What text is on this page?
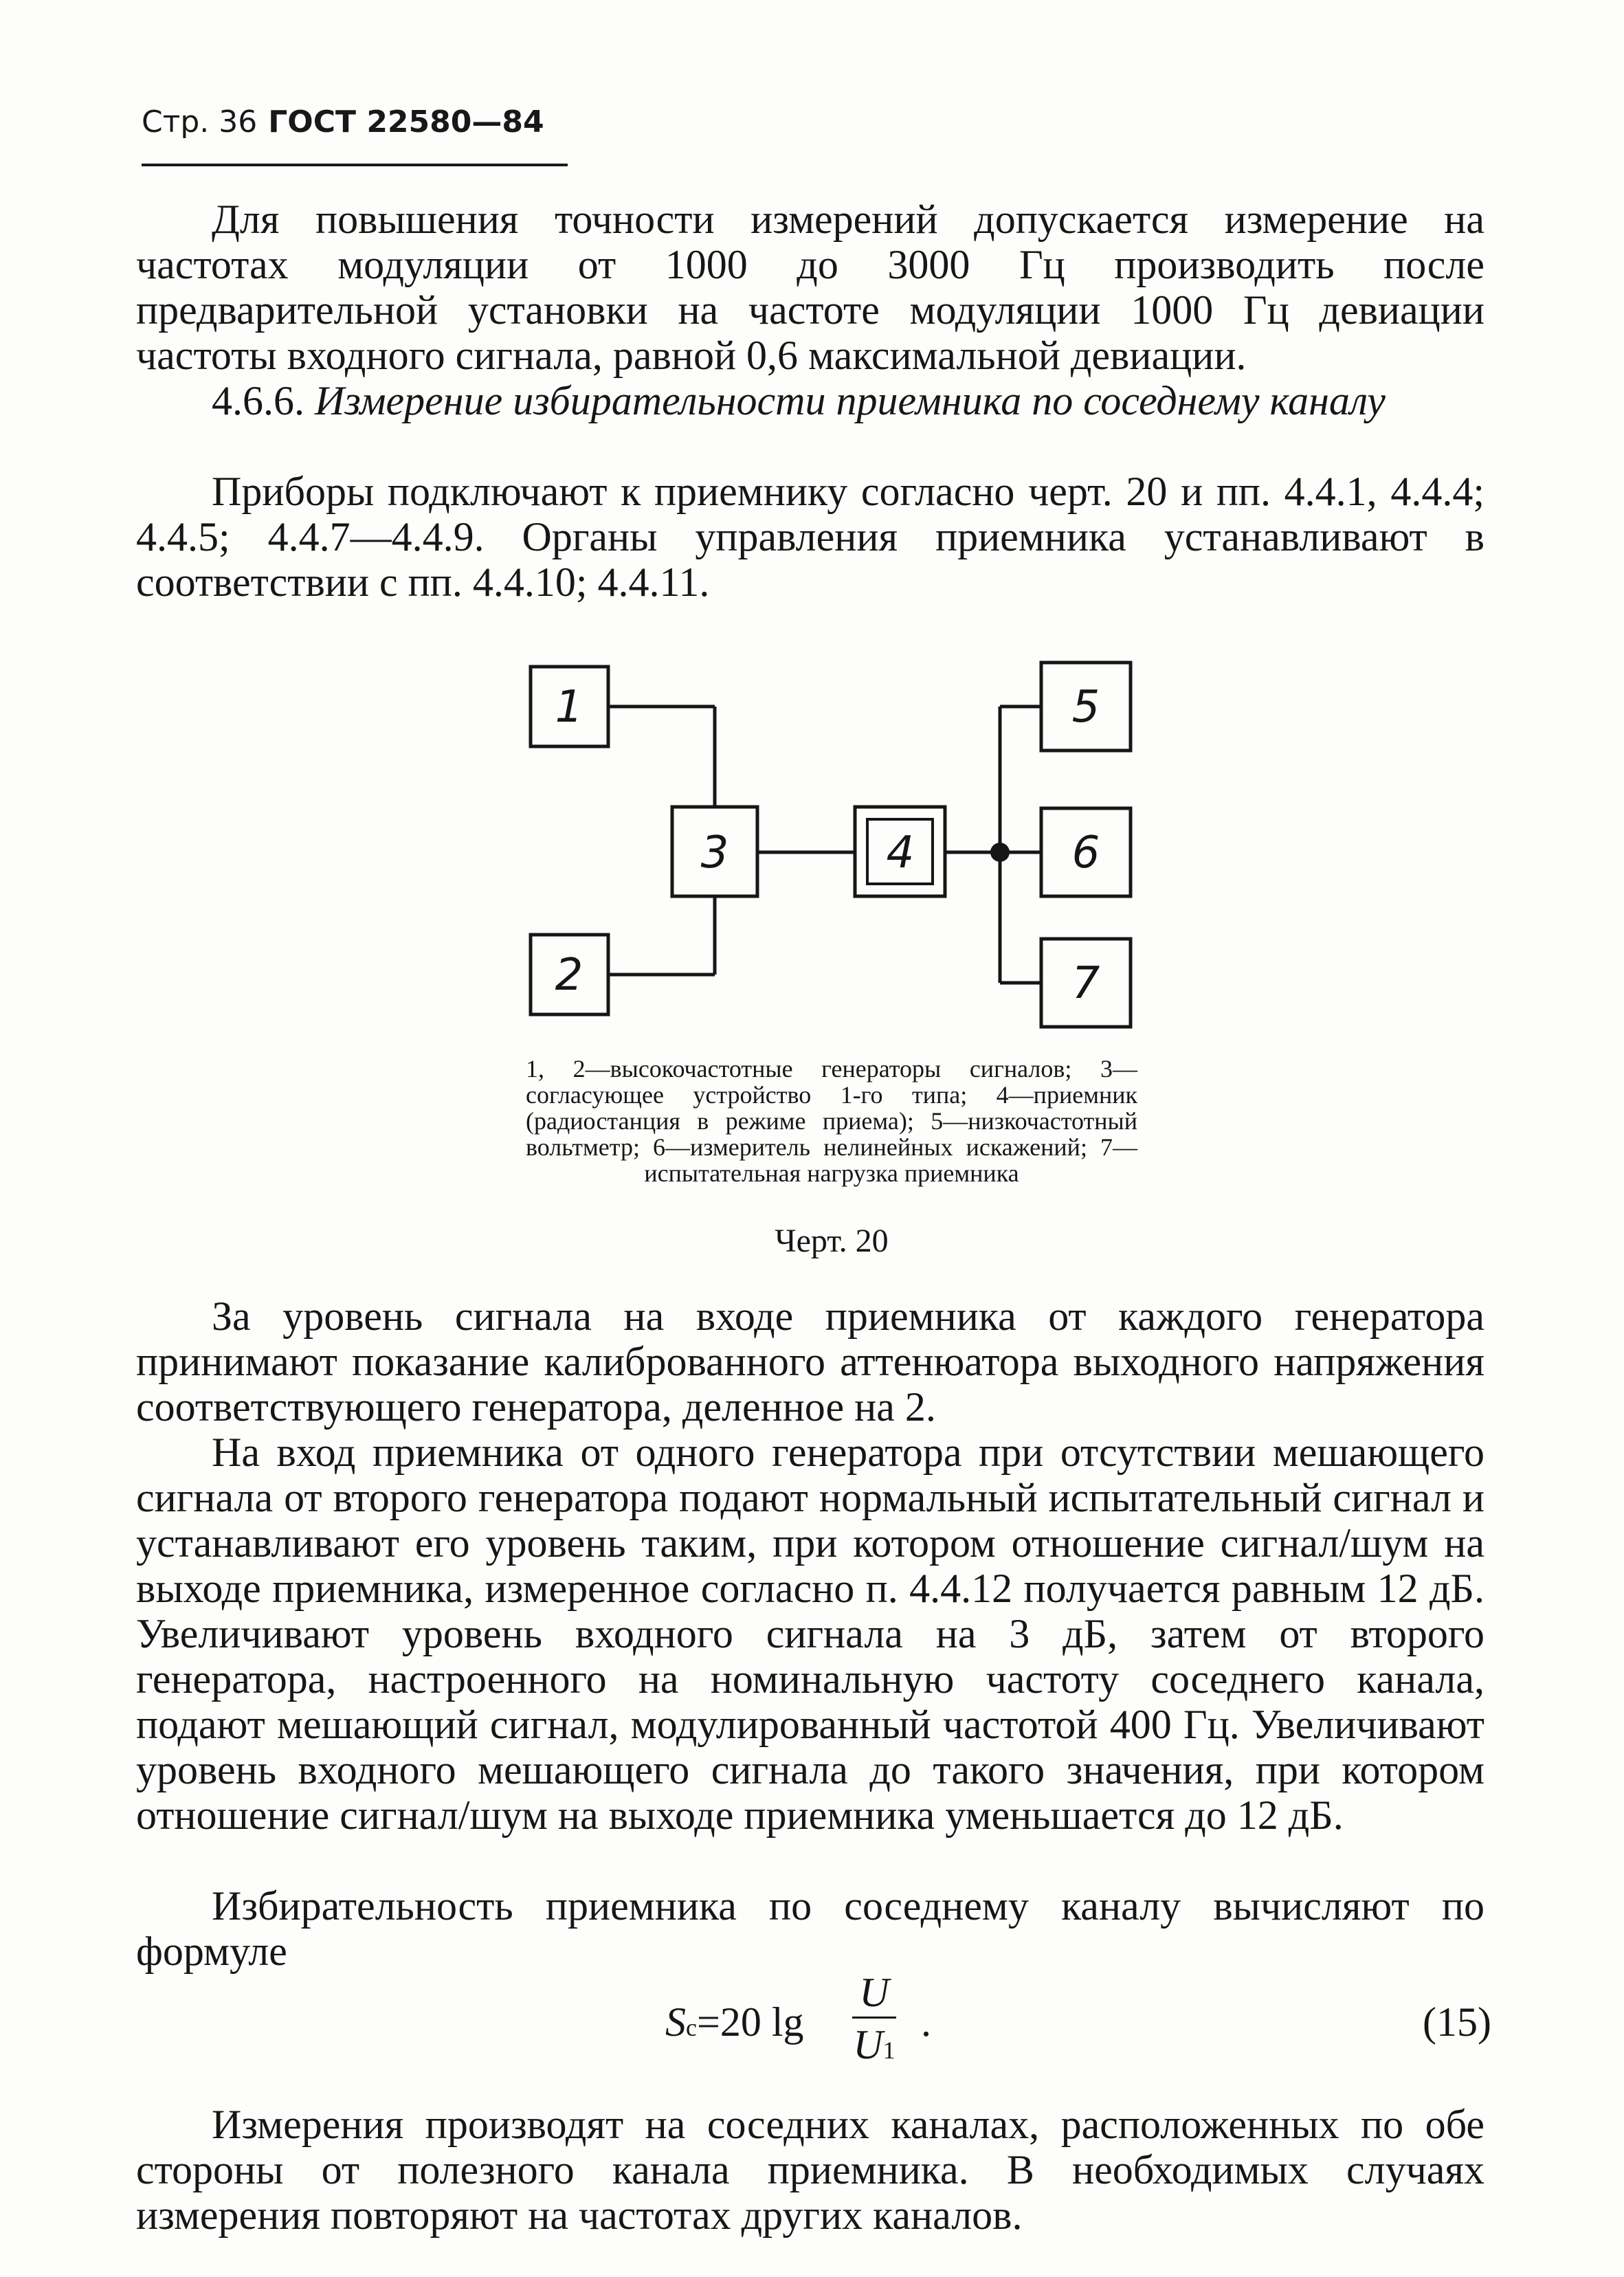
Стр. 36 ГОСТ 22580—84

Для повышения точности измерений допускается измерение на частотах модуляции от 1000 до 3000 Гц производить после предварительной установки на частоте модуляции 1000 Гц девиации частоты входного сигнала, равной 0,6 максимальной девиации.

4.6.6. Измерение избирательности приемника по соседнему каналу

Приборы подключают к приемнику согласно черт. 20 и пп. 4.4.1, 4.4.4; 4.4.5; 4.4.7—4.4.9. Органы управления приемника устанавливают в соответствии с пп. 4.4.10; 4.4.11.

1
2
3	4
5
6
7
1, 2—высокочастотные генераторы сигналов; 3—согласующее устройство 1-го типа; 4—приемник (радиостанция в режиме приема); 5—низкочастотный вольтметр; 6—измеритель нелинейных искажений; 7—испытательная нагрузка приемника
Черт. 20

За уровень сигнала на входе приемника от каждого генератора принимают показание калиброванного аттенюатора выходного напряжения соответствующего генератора, деленное на 2.

На вход приемника от одного генератора при отсутствии мешающего сигнала от второго генератора подают нормальный испытательный сигнал и устанавливают его уровень таким, при котором отношение сигнал/шум на выходе приемника, измеренное согласно п. 4.4.12 получается равным 12 дБ. Увеличивают уровень входного сигнала на 3 дБ, затем от второго генератора, настроенного на номинальную частоту соседнего канала, подают мешающий сигнал, модулированный частотой 400 Гц. Увеличивают уровень входного мешающего сигнала до такого значения, при котором отношение сигнал/шум на выходе приемника уменьшается до 12 дБ.

Избирательность приемника по соседнему каналу вычисляют по формуле

Sc=20 lg
U
U1
.	(15)

Измерения производят на соседних каналах, расположенных по обе стороны от полезного канала приемника. В необходимых случаях измерения повторяют на частотах других каналов.
